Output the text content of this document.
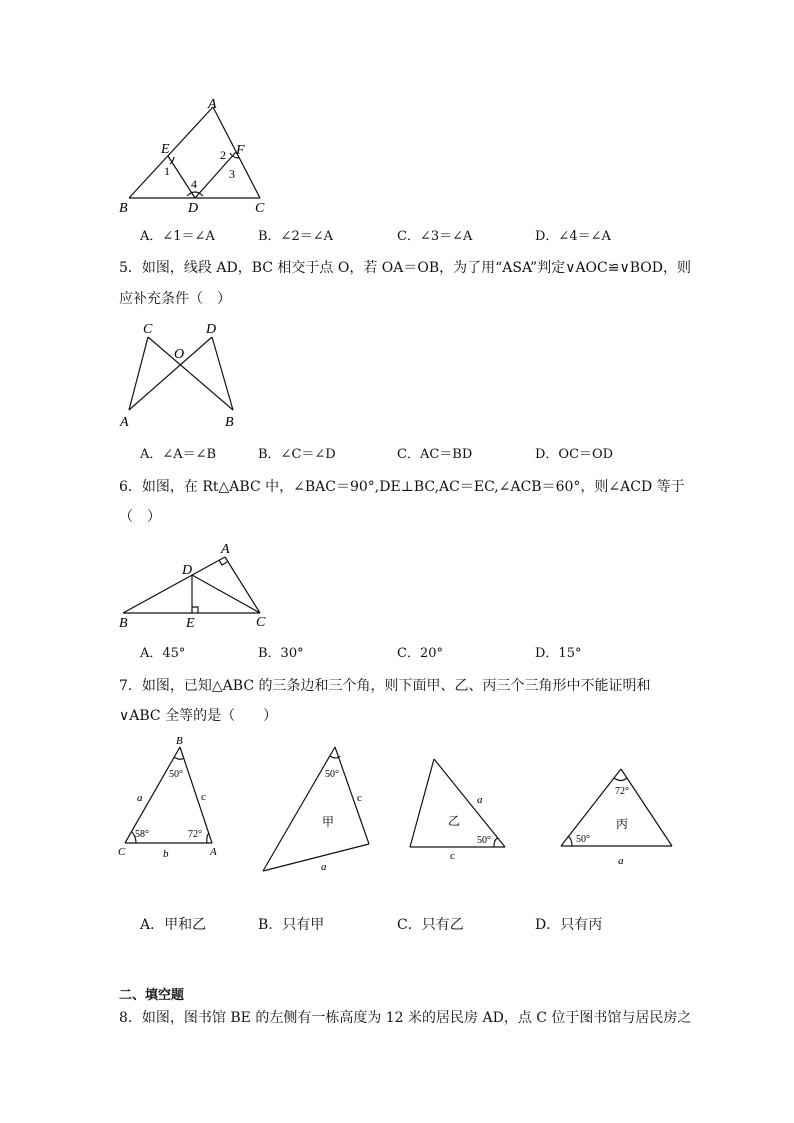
A
E	F
B	D	C
1
2
3
4
A．∠1＝∠A	B．∠2＝∠A	C．∠3＝∠A	D．∠4＝∠A
5．如图，线段 AD，BC 相交于点 O，若 OA＝OB，为了用“ASA”判定∨AOC≌∨BOD，则
应补充条件（　）
C	D
O
A	B
A．∠A＝∠B	B．∠C＝∠D	C．AC＝BD	D．OC＝OD
6．如图，在 Rt△ABC 中，∠BAC＝90°,DE⊥BC,AC＝EC,∠ACB＝60°，则∠ACD 等于
（　）
A
D
B	E	C
A．45°	B．30°	C．20°	D．15°
7．如图，已知△ABC 的三条边和三个角，则下面甲、乙、丙三个三角形中不能证明和
∨ABC 全等的是（　　）
B
50°
a	c
58°	72°
C	b	A
50°
c
甲
a
a
乙
50°
c
72°
丙
50°
a
A．甲和乙	B．只有甲	C．只有乙	D．只有丙
二、填空题
8．如图，图书馆 BE 的左侧有一栋高度为 12 米的居民房 AD，点 C 位于图书馆与居民房之
